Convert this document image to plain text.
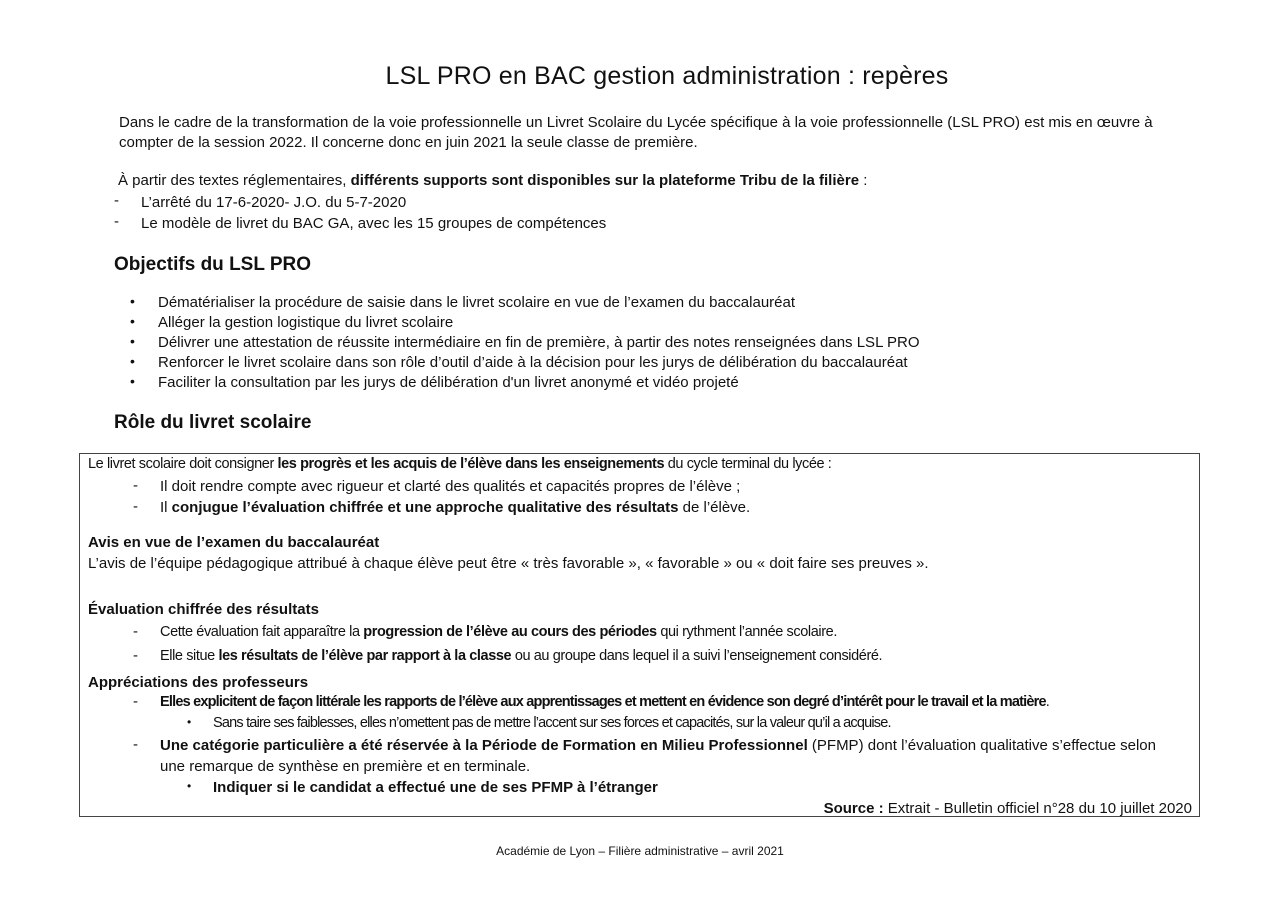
LSL PRO en BAC gestion administration : repères
Dans le cadre de la transformation de la voie professionnelle un Livret Scolaire du Lycée spécifique à la voie professionnelle (LSL PRO) est mis en œuvre à
compter de la session 2022. Il concerne donc en juin 2021 la seule classe de première.
À partir des textes réglementaires, différents supports sont disponibles sur la plateforme Tribu de la filière :
- L’arrêté du 17-6-2020- J.O. du 5-7-2020
- Le modèle de livret du BAC GA, avec les 15 groupes de compétences
Objectifs du LSL PRO
• Dématérialiser la procédure de saisie dans le livret scolaire en vue de l’examen du baccalauréat
• Alléger la gestion logistique du livret scolaire
• Délivrer une attestation de réussite intermédiaire en fin de première, à partir des notes renseignées dans LSL PRO
• Renforcer le livret scolaire dans son rôle d’outil d’aide à la décision pour les jurys de délibération du baccalauréat
• Faciliter la consultation par les jurys de délibération d'un livret anonymé et vidéo projeté
Rôle du livret scolaire
Le livret scolaire doit consigner les progrès et les acquis de l’élève dans les enseignements du cycle terminal du lycée :
- Il doit rendre compte avec rigueur et clarté des qualités et capacités propres de l’élève ;
- Il conjugue l’évaluation chiffrée et une approche qualitative des résultats de l’élève.
Avis en vue de l’examen du baccalauréat
L’avis de l’équipe pédagogique attribué à chaque élève peut être « très favorable », « favorable » ou « doit faire ses preuves ».
Évaluation chiffrée des résultats
- Cette évaluation fait apparaître la progression de l’élève au cours des périodes qui rythment l’année scolaire.
- Elle situe les résultats de l’élève par rapport à la classe ou au groupe dans lequel il a suivi l’enseignement considéré.
Appréciations des professeurs
- Elles explicitent de façon littérale les rapports de l’élève aux apprentissages et mettent en évidence son degré d’intérêt pour le travail et la matière.
• Sans taire ses faiblesses, elles n’omettent pas de mettre l’accent sur ses forces et capacités, sur la valeur qu’il a acquise.
- Une catégorie particulière a été réservée à la Période de Formation en Milieu Professionnel (PFMP) dont l’évaluation qualitative s’effectue selon
une remarque de synthèse en première et en terminale.
• Indiquer si le candidat a effectué une de ses PFMP à l’étranger
Source : Extrait - Bulletin officiel n°28 du 10 juillet 2020
Académie de Lyon – Filière administrative – avril 2021
